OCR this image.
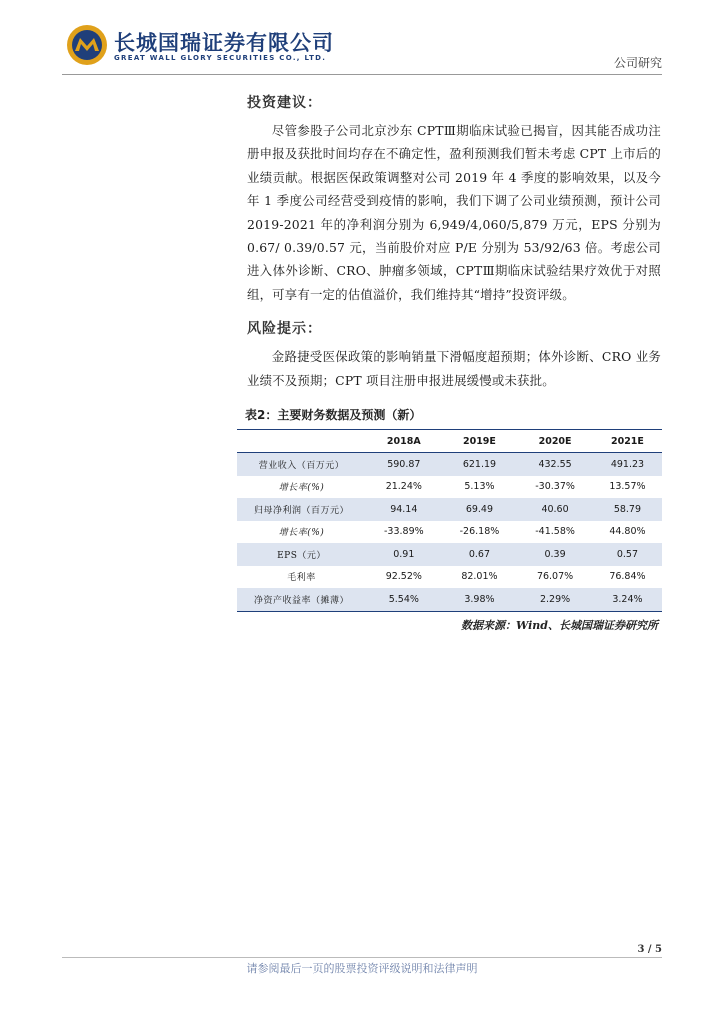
长城国瑞证券有限公司
GREAT WALL GLORY SECURITIES CO., LTD.	公司研究
投资建议：

尽管参股子公司北京沙东 CPTⅢ期临床试验已揭盲，因其能否成功注册申报及获批时间均存在不确定性，盈利预测我们暂未考虑 CPT 上市后的业绩贡献。根据医保政策调整对公司 2019 年 4 季度的影响效果，以及今年 1 季度公司经营受到疫情的影响，我们下调了公司业绩预测，预计公司 2019-2021 年的净利润分别为 6,949/4,060/5,879 万元，EPS 分别为 0.67/ 0.39/0.57 元，当前股价对应 P/E 分别为 53/92/63 倍。考虑公司进入体外诊断、CRO、肿瘤多领域，CPTⅢ期临床试验结果疗效优于对照组，可享有一定的估值溢价，我们维持其“增持”投资评级。

风险提示：

金路捷受医保政策的影响销量下滑幅度超预期；体外诊断、CRO 业务业绩不及预期；CPT 项目注册申报进展缓慢或未获批。

表2：主要财务数据及预测（新）
	2018A	2019E	2020E	2021E
营业收入（百万元）	590.87	621.19	432.55	491.23
增长率(%)	21.24%	5.13%	-30.37%	13.57%
归母净利润（百万元）	94.14	69.49	40.60	58.79
增长率(%)	-33.89%	-26.18%	-41.58%	44.80%
EPS（元）	0.91	0.67	0.39	0.57
毛利率	92.52%	82.01%	76.07%	76.84%
净资产收益率（摊薄）	5.54%	3.98%	2.29%	3.24%
数据来源：Wind、长城国瑞证券研究所
3 / 5
请参阅最后一页的股票投资评级说明和法律声明
